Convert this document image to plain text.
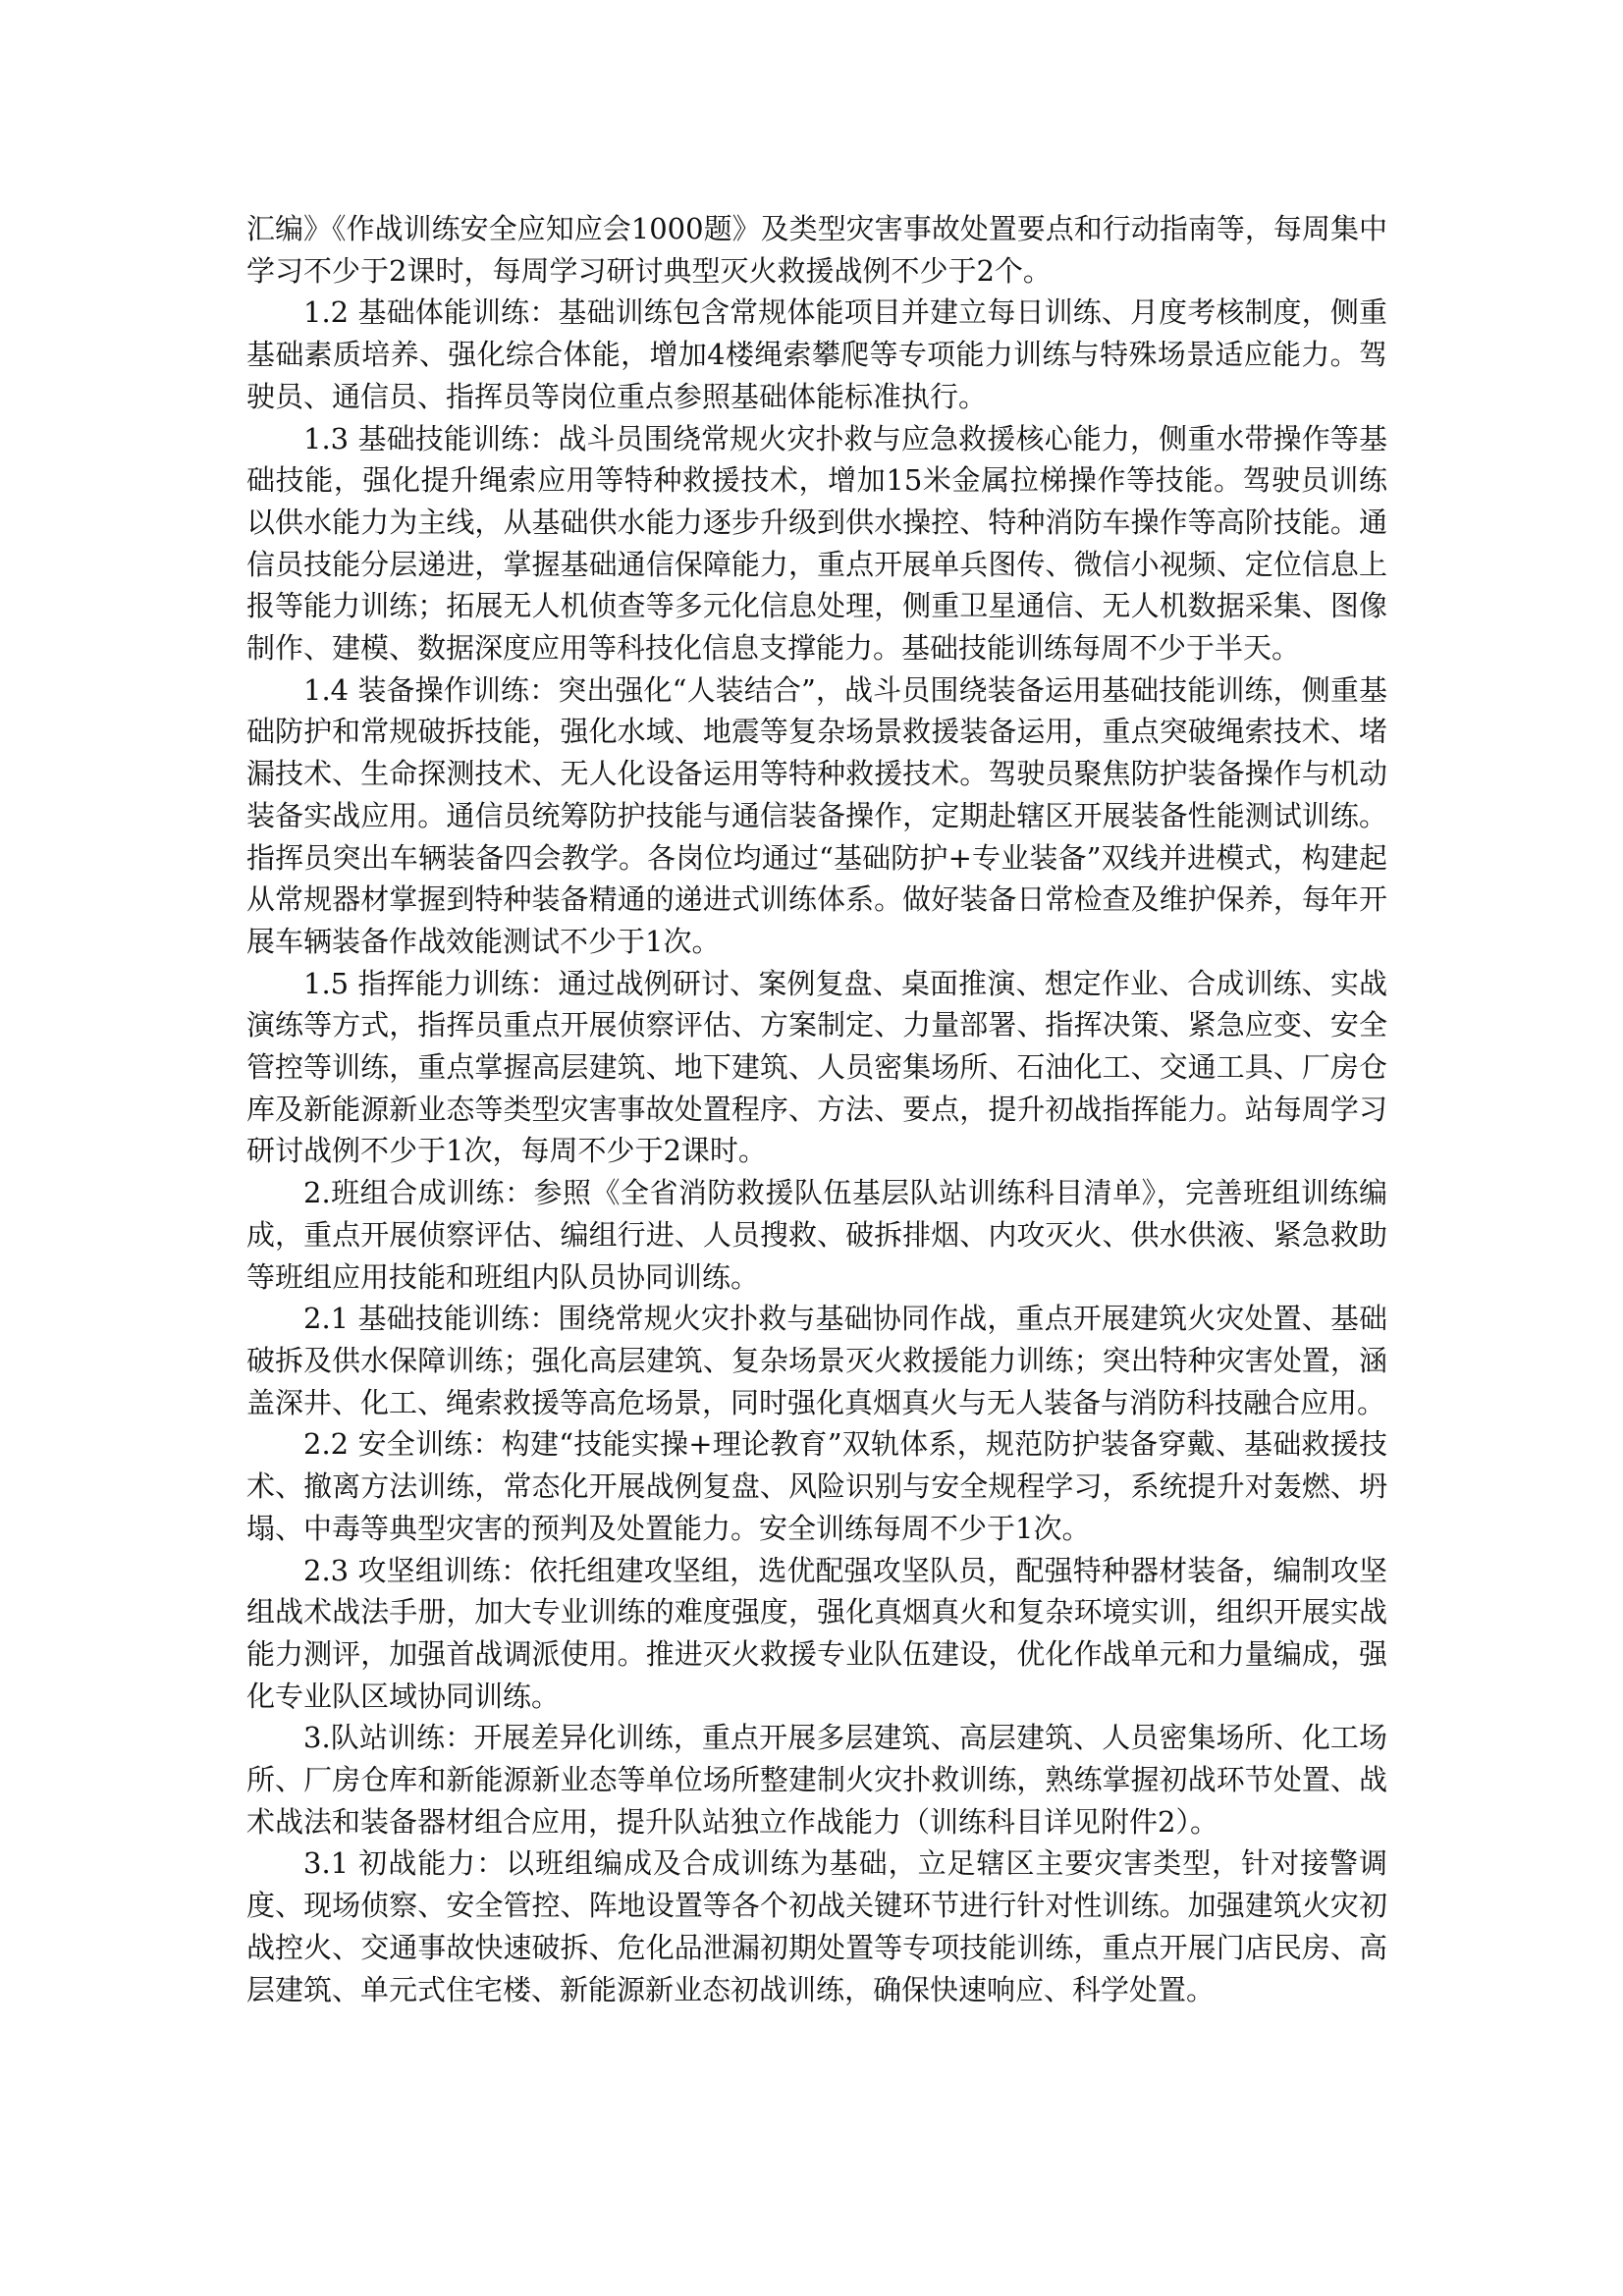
汇编》《作战训练安全应知应会1000题》及类型灾害事故处置要点和行动指南等，每周集中学习不少于2课时，每周学习研讨典型灭火救援战例不少于2个。

1.2 基础体能训练：基础训练包含常规体能项目并建立每日训练、月度考核制度，侧重基础素质培养、强化综合体能，增加4楼绳索攀爬等专项能力训练与特殊场景适应能力。驾驶员、通信员、指挥员等岗位重点参照基础体能标准执行。

1.3 基础技能训练：战斗员围绕常规火灾扑救与应急救援核心能力，侧重水带操作等基础技能，强化提升绳索应用等特种救援技术，增加15米金属拉梯操作等技能。驾驶员训练以供水能力为主线，从基础供水能力逐步升级到供水操控、特种消防车操作等高阶技能。通信员技能分层递进，掌握基础通信保障能力，重点开展单兵图传、微信小视频、定位信息上报等能力训练；拓展无人机侦查等多元化信息处理，侧重卫星通信、无人机数据采集、图像制作、建模、数据深度应用等科技化信息支撑能力。基础技能训练每周不少于半天。

1.4 装备操作训练：突出强化“人装结合”，战斗员围绕装备运用基础技能训练，侧重基础防护和常规破拆技能，强化水域、地震等复杂场景救援装备运用，重点突破绳索技术、堵漏技术、生命探测技术、无人化设备运用等特种救援技术。驾驶员聚焦防护装备操作与机动装备实战应用。通信员统筹防护技能与通信装备操作，定期赴辖区开展装备性能测试训练。指挥员突出车辆装备四会教学。各岗位均通过“基础防护+专业装备”双线并进模式，构建起从常规器材掌握到特种装备精通的递进式训练体系。做好装备日常检查及维护保养，每年开展车辆装备作战效能测试不少于1次。

1.5 指挥能力训练：通过战例研讨、案例复盘、桌面推演、想定作业、合成训练、实战演练等方式，指挥员重点开展侦察评估、方案制定、力量部署、指挥决策、紧急应变、安全管控等训练，重点掌握高层建筑、地下建筑、人员密集场所、石油化工、交通工具、厂房仓库及新能源新业态等类型灾害事故处置程序、方法、要点，提升初战指挥能力。站每周学习研讨战例不少于1次，每周不少于2课时。

2.班组合成训练：参照《全省消防救援队伍基层队站训练科目清单》，完善班组训练编成，重点开展侦察评估、编组行进、人员搜救、破拆排烟、内攻灭火、供水供液、紧急救助等班组应用技能和班组内队员协同训练。

2.1 基础技能训练：围绕常规火灾扑救与基础协同作战，重点开展建筑火灾处置、基础破拆及供水保障训练；强化高层建筑、复杂场景灭火救援能力训练；突出特种灾害处置，涵盖深井、化工、绳索救援等高危场景，同时强化真烟真火与无人装备与消防科技融合应用。

2.2 安全训练：构建“技能实操+理论教育”双轨体系，规范防护装备穿戴、基础救援技术、撤离方法训练，常态化开展战例复盘、风险识别与安全规程学习，系统提升对轰燃、坍塌、中毒等典型灾害的预判及处置能力。安全训练每周不少于1次。

2.3 攻坚组训练：依托组建攻坚组，选优配强攻坚队员，配强特种器材装备，编制攻坚组战术战法手册，加大专业训练的难度强度，强化真烟真火和复杂环境实训，组织开展实战能力测评，加强首战调派使用。推进灭火救援专业队伍建设，优化作战单元和力量编成，强化专业队区域协同训练。

3.队站训练：开展差异化训练，重点开展多层建筑、高层建筑、人员密集场所、化工场所、厂房仓库和新能源新业态等单位场所整建制火灾扑救训练，熟练掌握初战环节处置、战术战法和装备器材组合应用，提升队站独立作战能力（训练科目详见附件2）。

3.1 初战能力：以班组编成及合成训练为基础，立足辖区主要灾害类型，针对接警调度、现场侦察、安全管控、阵地设置等各个初战关键环节进行针对性训练。加强建筑火灾初战控火、交通事故快速破拆、危化品泄漏初期处置等专项技能训练，重点开展门店民房、高层建筑、单元式住宅楼、新能源新业态初战训练，确保快速响应、科学处置。
